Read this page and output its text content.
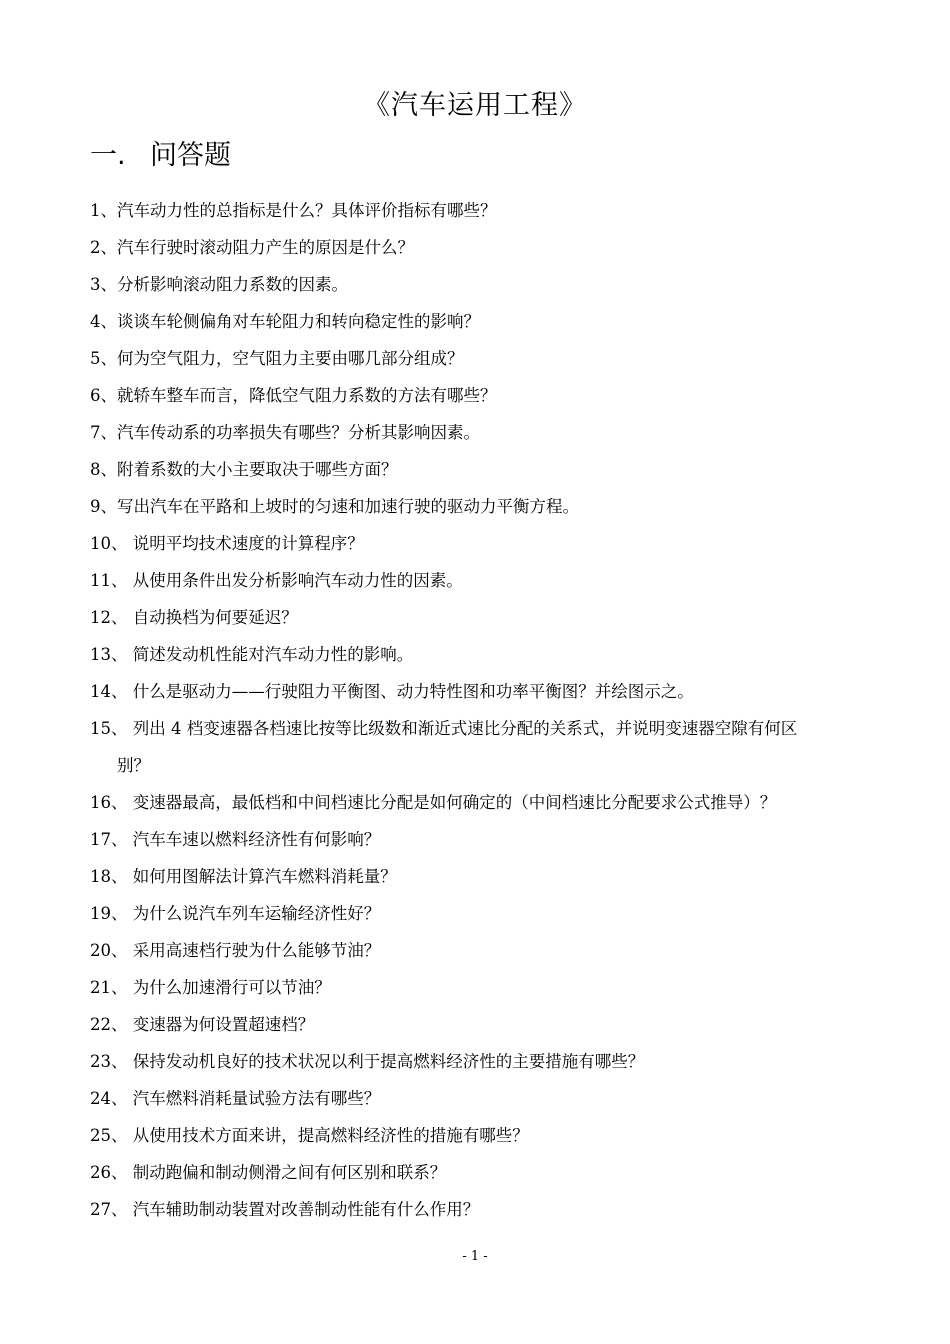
《汽车运用工程》
一. 问答题
1、汽车动力性的总指标是什么？具体评价指标有哪些？
2、汽车行驶时滚动阻力产生的原因是什么？
3、分析影响滚动阻力系数的因素。
4、谈谈车轮侧偏角对车轮阻力和转向稳定性的影响？
5、何为空气阻力，空气阻力主要由哪几部分组成？
6、就轿车整车而言，降低空气阻力系数的方法有哪些？
7、汽车传动系的功率损失有哪些？分析其影响因素。
8、附着系数的大小主要取决于哪些方面？
9、写出汽车在平路和上坡时的匀速和加速行驶的驱动力平衡方程。
10、 说明平均技术速度的计算程序？
11、 从使用条件出发分析影响汽车动力性的因素。
12、 自动换档为何要延迟？
13、 简述发动机性能对汽车动力性的影响。
14、 什么是驱动力——行驶阻力平衡图、动力特性图和功率平衡图？并绘图示之。
15、 列出 4 档变速器各档速比按等比级数和渐近式速比分配的关系式，并说明变速器空隙有何区
别？
16、 变速器最高，最低档和中间档速比分配是如何确定的（中间档速比分配要求公式推导）？
17、 汽车车速以燃料经济性有何影响？
18、 如何用图解法计算汽车燃料消耗量？
19、 为什么说汽车列车运输经济性好？
20、 采用高速档行驶为什么能够节油？
21、 为什么加速滑行可以节油？
22、 变速器为何设置超速档？
23、 保持发动机良好的技术状况以利于提高燃料经济性的主要措施有哪些？
24、 汽车燃料消耗量试验方法有哪些？
25、 从使用技术方面来讲，提高燃料经济性的措施有哪些？
26、 制动跑偏和制动侧滑之间有何区别和联系？
27、 汽车辅助制动装置对改善制动性能有什么作用？
- 1 -
